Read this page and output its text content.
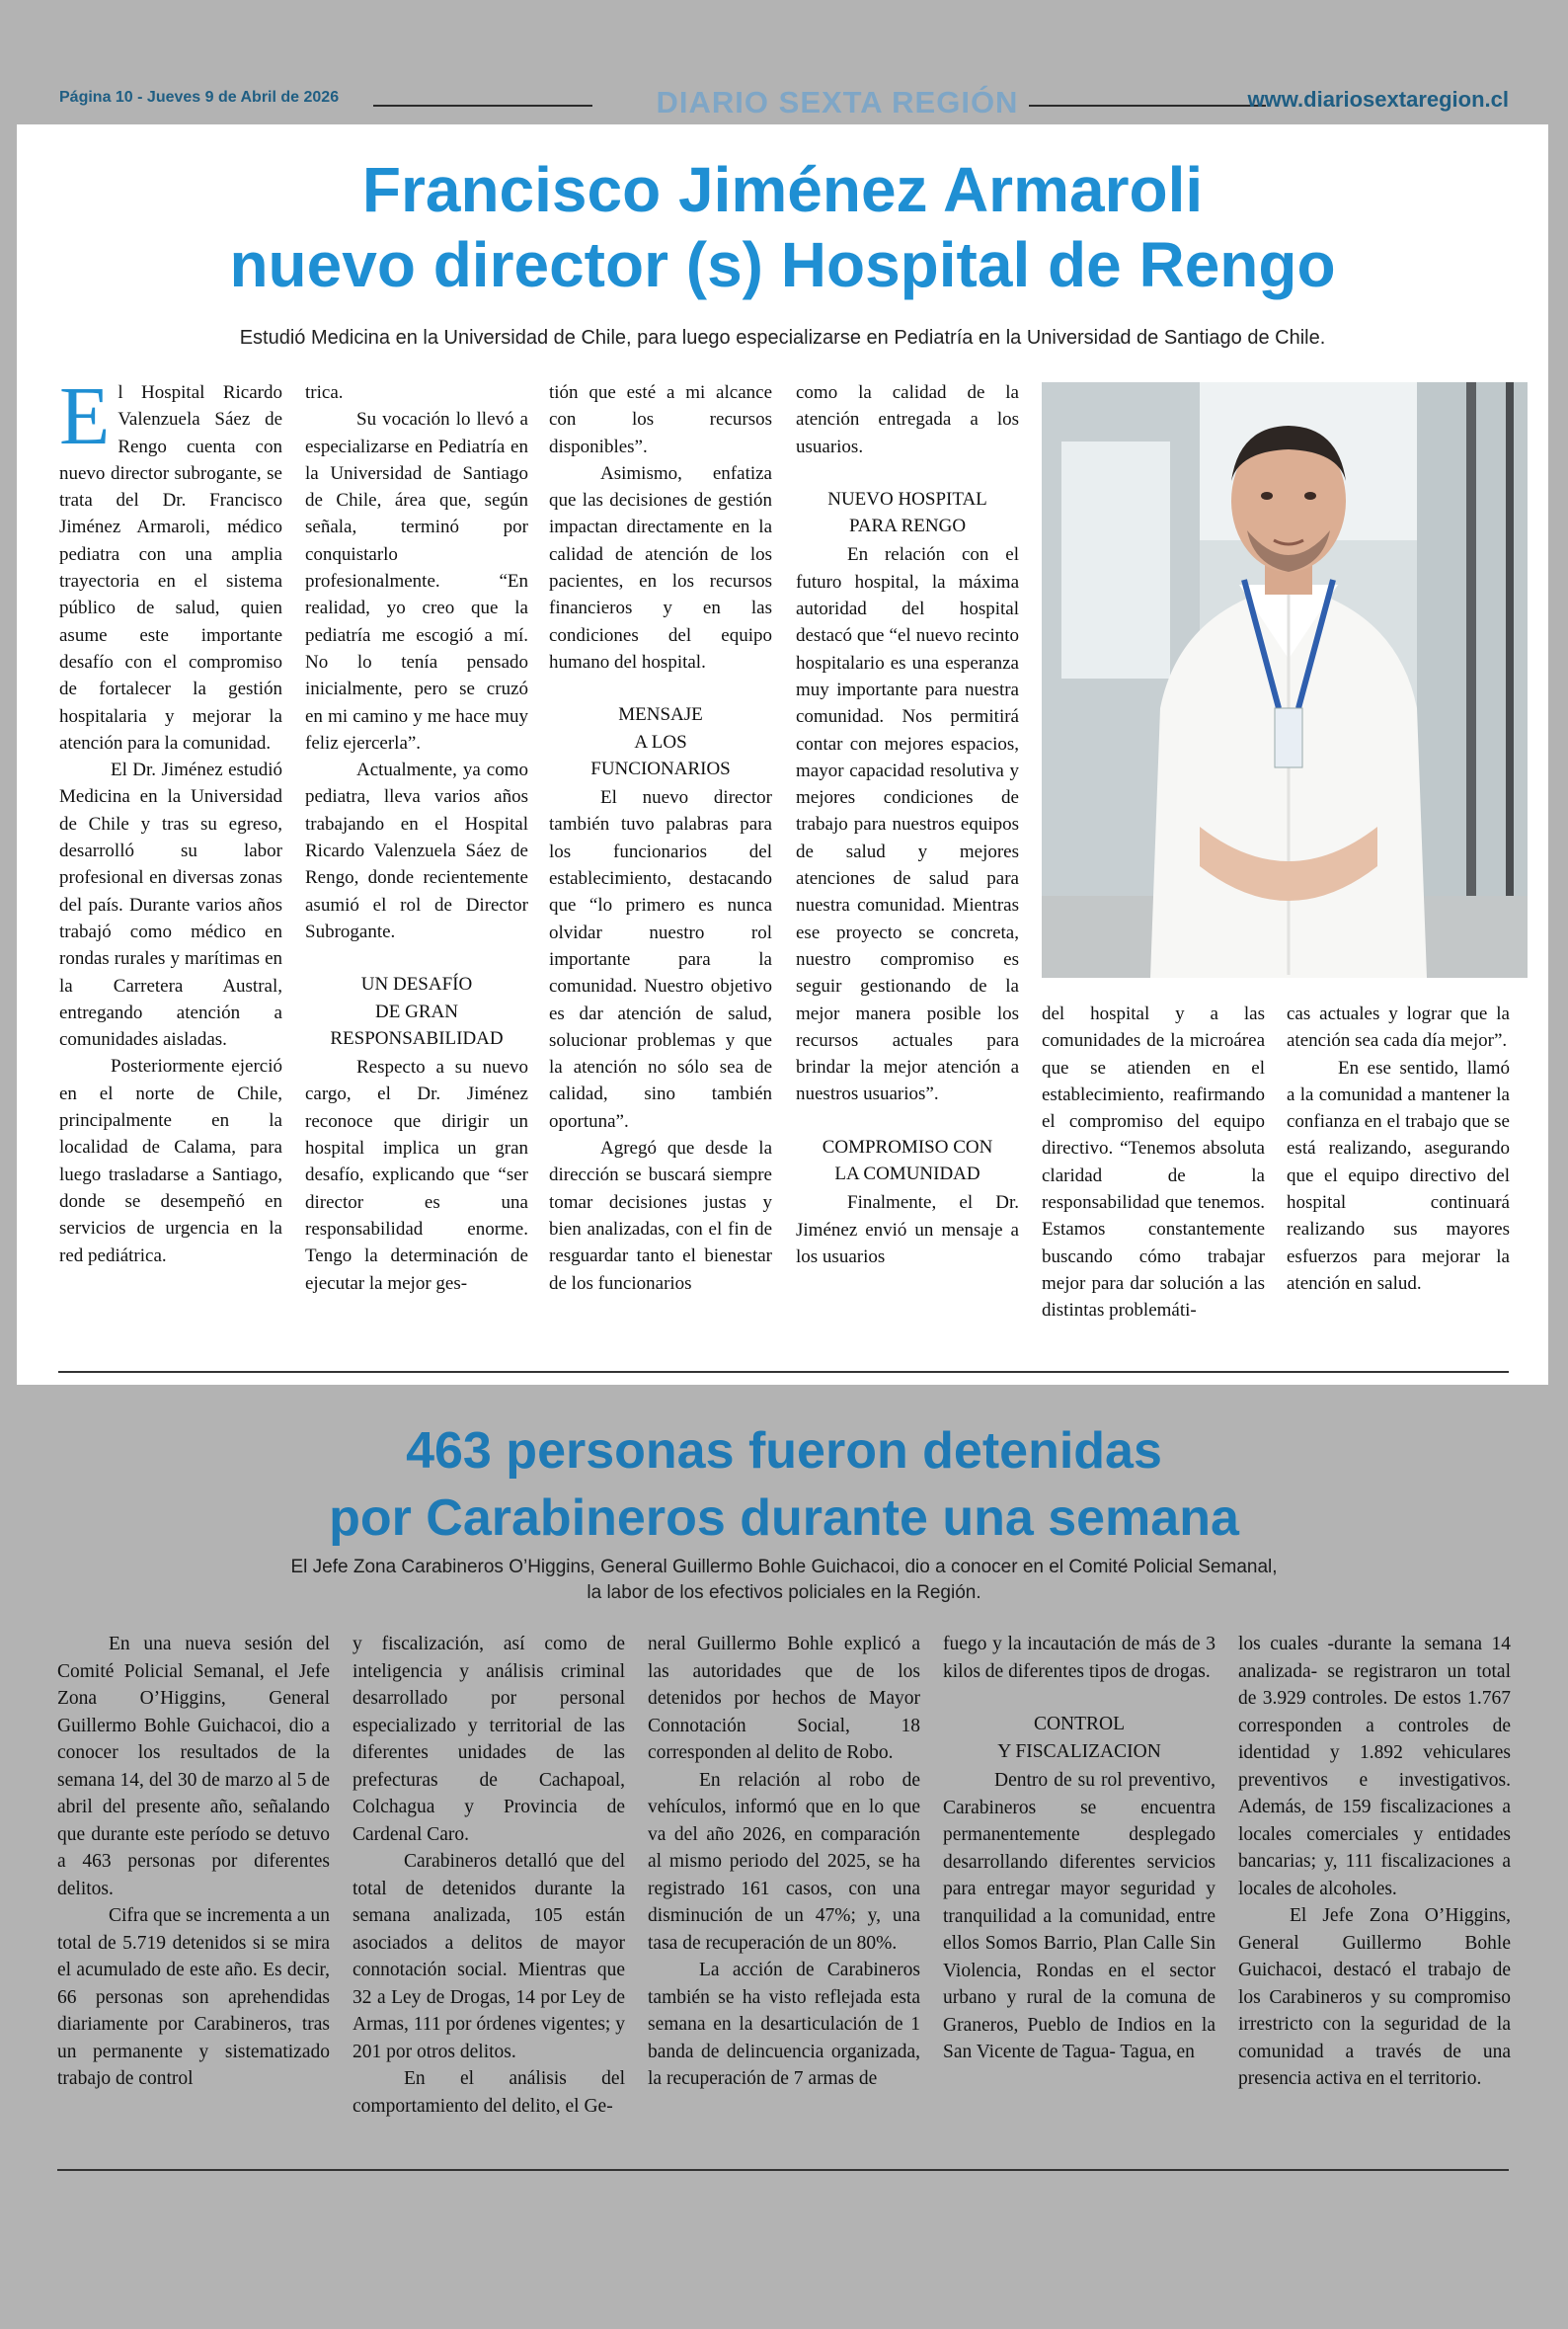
Página 10 - Jueves 9 de Abril de 2026	DIARIO SEXTA REGIÓN	www.diariosextaregion.cl
Francisco Jiménez Armaroli
nuevo director (s) Hospital de Rengo

Estudió Medicina en la Universidad de Chile, para luego especializarse en Pediatría en la Universidad de Santiago de Chile.

El Hospital Ricardo Valenzuela Sáez de Rengo cuenta con nuevo director subrogante, se trata del Dr. Francisco Jiménez Armaroli, médico pediatra con una amplia trayectoria en el sistema público de salud, quien asume este importante desafío con el compromiso de fortalecer la gestión hospitalaria y mejorar la atención para la comunidad.

El Dr. Jiménez estudió Medicina en la Universidad de Chile y tras su egreso, desarrolló su labor profesional en diversas zonas del país. Durante varios años trabajó como médico en rondas rurales y marítimas en la Carretera Austral, entregando atención a comunidades aisladas.

Posteriormente ejerció en el norte de Chile, principalmente en la localidad de Calama, para luego trasladarse a Santiago, donde se desempeñó en servicios de urgencia en la red pediátrica.

trica.

Su vocación lo llevó a especializarse en Pediatría en la Universidad de Santiago de Chile, área que, según señala, terminó por conquistarlo profesionalmente. “En realidad, yo creo que la pediatría me escogió a mí. No lo tenía pensado inicialmente, pero se cruzó en mi camino y me hace muy feliz ejercerla”.

Actualmente, ya como pediatra, lleva varios años trabajando en el Hospital Ricardo Valenzuela Sáez de Rengo, donde recientemente asumió el rol de Director Subrogante.

UN DESAFÍO
DE GRAN
RESPONSABILIDAD

Respecto a su nuevo cargo, el Dr. Jiménez reconoce que dirigir un hospital implica un gran desafío, explicando que “ser director es una responsabilidad enorme. Tengo la determinación de ejecutar la mejor ges-

tión que esté a mi alcance con los recursos disponibles”.

Asimismo, enfatiza que las decisiones de gestión impactan directamente en la calidad de atención de los pacientes, en los recursos financieros y en las condiciones del equipo humano del hospital.

MENSAJE
A LOS
FUNCIONARIOS

El nuevo director también tuvo palabras para los funcionarios del establecimiento, destacando que “lo primero es nunca olvidar nuestro rol importante para la comunidad. Nuestro objetivo es dar atención de salud, solucionar problemas y que la atención no sólo sea de calidad, sino también oportuna”.

Agregó que desde la dirección se buscará siempre tomar decisiones justas y bien analizadas, con el fin de resguardar tanto el bienestar de los funcionarios

como la calidad de la atención entregada a los usuarios.

NUEVO HOSPITAL
PARA RENGO

En relación con el futuro hospital, la máxima autoridad del hospital destacó que “el nuevo recinto hospitalario es una esperanza muy importante para nuestra comunidad. Nos permitirá contar con mejores espacios, mayor capacidad resolutiva y mejores condiciones de trabajo para nuestros equipos de salud y mejores atenciones de salud para nuestra comunidad. Mientras ese proyecto se concreta, nuestro compromiso es seguir gestionando de la mejor manera posible los recursos actuales para brindar la mejor atención a nuestros usuarios”.

COMPROMISO CON
LA COMUNIDAD

Finalmente, el Dr. Jiménez envió un mensaje a los usuarios

del hospital y a las comunidades de la microárea que se atienden en el establecimiento, reafirmando el compromiso del equipo directivo. “Tenemos absoluta claridad de la responsabilidad que tenemos. Estamos constantemente buscando cómo trabajar mejor para dar solución a las distintas problemáti-

cas actuales y lograr que la atención sea cada día mejor”.

En ese sentido, llamó a la comunidad a mantener la confianza en el trabajo que se está realizando, asegurando que el equipo directivo del hospital continuará realizando sus mayores esfuerzos para mejorar la atención en salud.

463 personas fueron detenidas
por Carabineros durante una semana

El Jefe Zona Carabineros O’Higgins, General Guillermo Bohle Guichacoi, dio a conocer en el Comité Policial Semanal,
la labor de los efectivos policiales en la Región.

En una nueva sesión del Comité Policial Semanal, el Jefe Zona O’Higgins, General Guillermo Bohle Guichacoi, dio a conocer los resultados de la semana 14, del 30 de marzo al 5 de abril del presente año, señalando que durante este período se detuvo a 463 personas por diferentes delitos.

Cifra que se incrementa a un total de 5.719 detenidos si se mira el acumulado de este año. Es decir, 66 personas son aprehendidas diariamente por Carabineros, tras un permanente y sistematizado trabajo de control

y fiscalización, así como de inteligencia y análisis criminal desarrollado por personal especializado y territorial de las diferentes unidades de las prefecturas de Cachapoal, Colchagua y Provincia de Cardenal Caro.

Carabineros detalló que del total de detenidos durante la semana analizada, 105 están asociados a delitos de mayor connotación social. Mientras que 32 a Ley de Drogas, 14 por Ley de Armas, 111 por órdenes vigentes; y 201 por otros delitos.

En el análisis del comportamiento del delito, el Ge-

neral Guillermo Bohle explicó a las autoridades que de los detenidos por hechos de Mayor Connotación Social, 18 corresponden al delito de Robo.

En relación al robo de vehículos, informó que en lo que va del año 2026, en comparación al mismo periodo del 2025, se ha registrado 161 casos, con una disminución de un 47%; y, una tasa de recuperación de un 80%.

La acción de Carabineros también se ha visto reflejada esta semana en la desarticulación de 1 banda de delincuencia organizada, la recuperación de 7 armas de

fuego y la incautación de más de 3 kilos de diferentes tipos de drogas.

CONTROL
Y FISCALIZACION

Dentro de su rol preventivo, Carabineros se encuentra permanentemente desplegado desarrollando diferentes servicios para entregar mayor seguridad y tranquilidad a la comunidad, entre ellos Somos Barrio, Plan Calle Sin Violencia, Rondas en el sector urbano y rural de la comuna de Graneros, Pueblo de Indios en la San Vicente de Tagua- Tagua, en

los cuales -durante la semana 14 analizada- se registraron un total de 3.929 controles. De estos 1.767 corresponden a controles de identidad y 1.892 vehiculares preventivos e investigativos. Además, de 159 fiscalizaciones a locales comerciales y entidades bancarias; y, 111 fiscalizaciones a locales de alcoholes.

El Jefe Zona O’Higgins, General Guillermo Bohle Guichacoi, destacó el trabajo de los Carabineros y su compromiso irrestricto con la seguridad de la comunidad a través de una presencia activa en el territorio.
